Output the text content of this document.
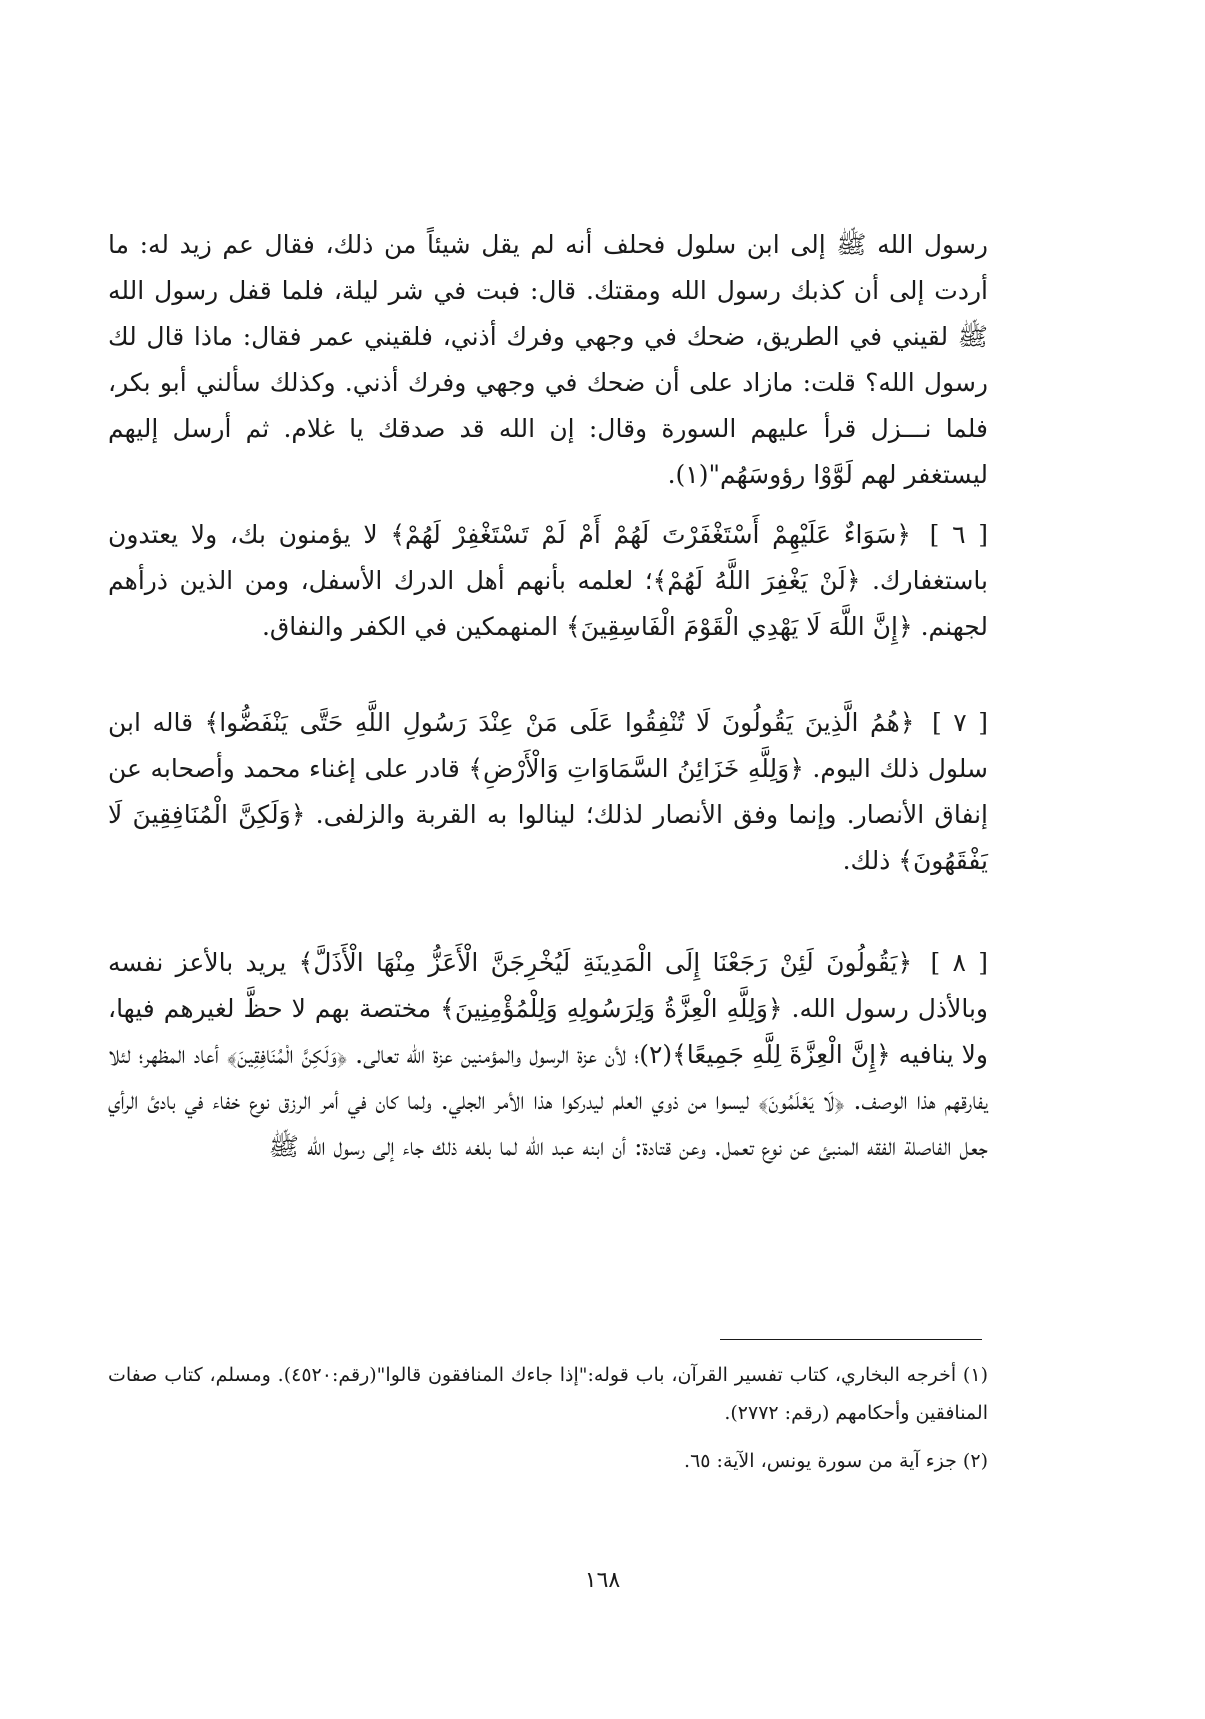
رسول الله ﷺ إلى ابن سلول فحلف أنه لم يقل شيئاً من ذلك، فقال عم زيد له: ما أردت إلى أن كذبك رسول الله ومقتك. قال: فبت في شر ليلة، فلما قفل رسول الله ﷺ لقيني في الطريق، ضحك في وجهي وفرك أذني، فلقيني عمر فقال: ماذا قال لك رسول الله؟ قلت: مازاد على أن ضحك في وجهي وفرك أذني. وكذلك سألني أبو بكر، فلما نـــزل قرأ عليهم السورة وقال: إن الله قد صدقك يا غلام. ثم أرسل إليهم ليستغفر لهم لَوَّوْا رؤوسَهُم"(١).

[ ٦ ] ﴿سَوَاءٌ عَلَيْهِمْ أَسْتَغْفَرْتَ لَهُمْ أَمْ لَمْ تَسْتَغْفِرْ لَهُمْ﴾ لا يؤمنون بك، ولا يعتدون باستغفارك. ﴿لَنْ يَغْفِرَ اللَّهُ لَهُمْ﴾؛ لعلمه بأنهم أهل الدرك الأسفل، ومن الذين ذرأهم لجهنم. ﴿إِنَّ اللَّهَ لَا يَهْدِي الْقَوْمَ الْفَاسِقِينَ﴾ المنهمكين في الكفر والنفاق.

[ ٧ ] ﴿هُمُ الَّذِينَ يَقُولُونَ لَا تُنْفِقُوا عَلَى مَنْ عِنْدَ رَسُولِ اللَّهِ حَتَّى يَنْفَضُّوا﴾ قاله ابن سلول ذلك اليوم. ﴿وَلِلَّهِ خَزَائِنُ السَّمَاوَاتِ وَالْأَرْضِ﴾ قادر على إغناء محمد وأصحابه عن إنفاق الأنصار. وإنما وفق الأنصار لذلك؛ لينالوا به القربة والزلفى. ﴿وَلَكِنَّ الْمُنَافِقِينَ لَا يَفْقَهُونَ﴾ ذلك.

[ ٨ ] ﴿يَقُولُونَ لَئِنْ رَجَعْنَا إِلَى الْمَدِينَةِ لَيُخْرِجَنَّ الْأَعَزُّ مِنْهَا الْأَذَلَّ﴾ يريد بالأعز نفسه وبالأذل رسول الله. ﴿وَلِلَّهِ الْعِزَّةُ وَلِرَسُولِهِ وَلِلْمُؤْمِنِينَ﴾ مختصة بهم لا حظَّ لغيرهم فيها، ولا ينافيه ﴿إِنَّ الْعِزَّةَ لِلَّهِ جَمِيعًا﴾(٢)؛ لأن عزة الرسول والمؤمنين عزة الله تعالى. ﴿وَلَكِنَّ الْمُنَافِقِينَ﴾ أعاد المظهر؛ لئلا يفارقهم هذا الوصف. ﴿لَا يَعْلَمُونَ﴾ ليسوا من ذوي العلم ليدركوا هذا الأمر الجلي. ولما كان في أمر الرزق نوع خفاء في بادئ الرأي جعل الفاصلة الفقه المنبئ عن نوع تعمل. وعن قتادة: أن ابنه عبد الله لما بلغه ذلك جاء إلى رسول الله ﷺ

(١) أخرجه البخاري، كتاب تفسير القرآن، باب قوله:"إذا جاءك المنافقون قالوا"(رقم:٤٥٢٠). ومسلم، كتاب صفات المنافقين وأحكامهم (رقم: ٢٧٧٢).

(٢) جزء آية من سورة يونس، الآية: ٦٥.

١٦٨
